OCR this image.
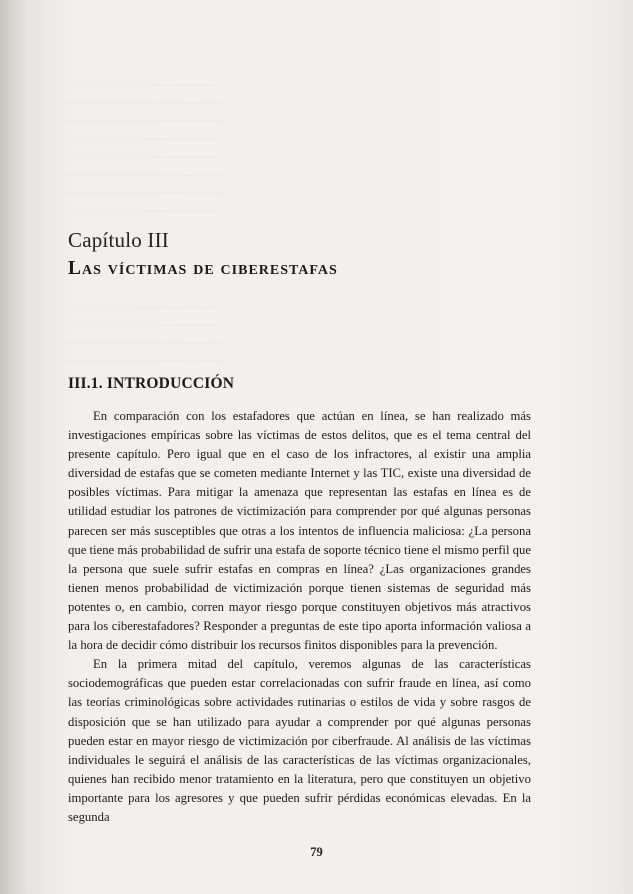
Capítulo III
Las víctimas de ciberestafas
III.1. INTRODUCCIÓN

En comparación con los estafadores que actúan en línea, se han realizado más investigaciones empíricas sobre las víctimas de estos delitos, que es el tema central del presente capítulo. Pero igual que en el caso de los infractores, al existir una amplia diversidad de estafas que se cometen mediante Internet y las TIC, existe una diversidad de posibles víctimas. Para mitigar la amenaza que representan las estafas en línea es de utilidad estudiar los patrones de victimización para comprender por qué algunas personas parecen ser más susceptibles que otras a los intentos de influencia maliciosa: ¿La persona que tiene más probabilidad de sufrir una estafa de soporte técnico tiene el mismo perfil que la persona que suele sufrir estafas en compras en línea? ¿Las organizaciones grandes tienen menos probabilidad de victimización porque tienen sistemas de seguridad más potentes o, en cambio, corren mayor riesgo porque constituyen objetivos más atractivos para los ciberestafadores? Responder a preguntas de este tipo aporta información valiosa a la hora de decidir cómo distribuir los recursos finitos disponibles para la prevención.

En la primera mitad del capítulo, veremos algunas de las características sociodemográficas que pueden estar correlacionadas con sufrir fraude en línea, así como las teorías criminológicas sobre actividades rutinarias o estilos de vida y sobre rasgos de disposición que se han utilizado para ayudar a comprender por qué algunas personas pueden estar en mayor riesgo de victimización por ciberfraude. Al análisis de las víctimas individuales le seguirá el análisis de las características de las víctimas organizacionales, quienes han recibido menor tratamiento en la literatura, pero que constituyen un objetivo importante para los agresores y que pueden sufrir pérdidas económicas elevadas. En la segunda

79
